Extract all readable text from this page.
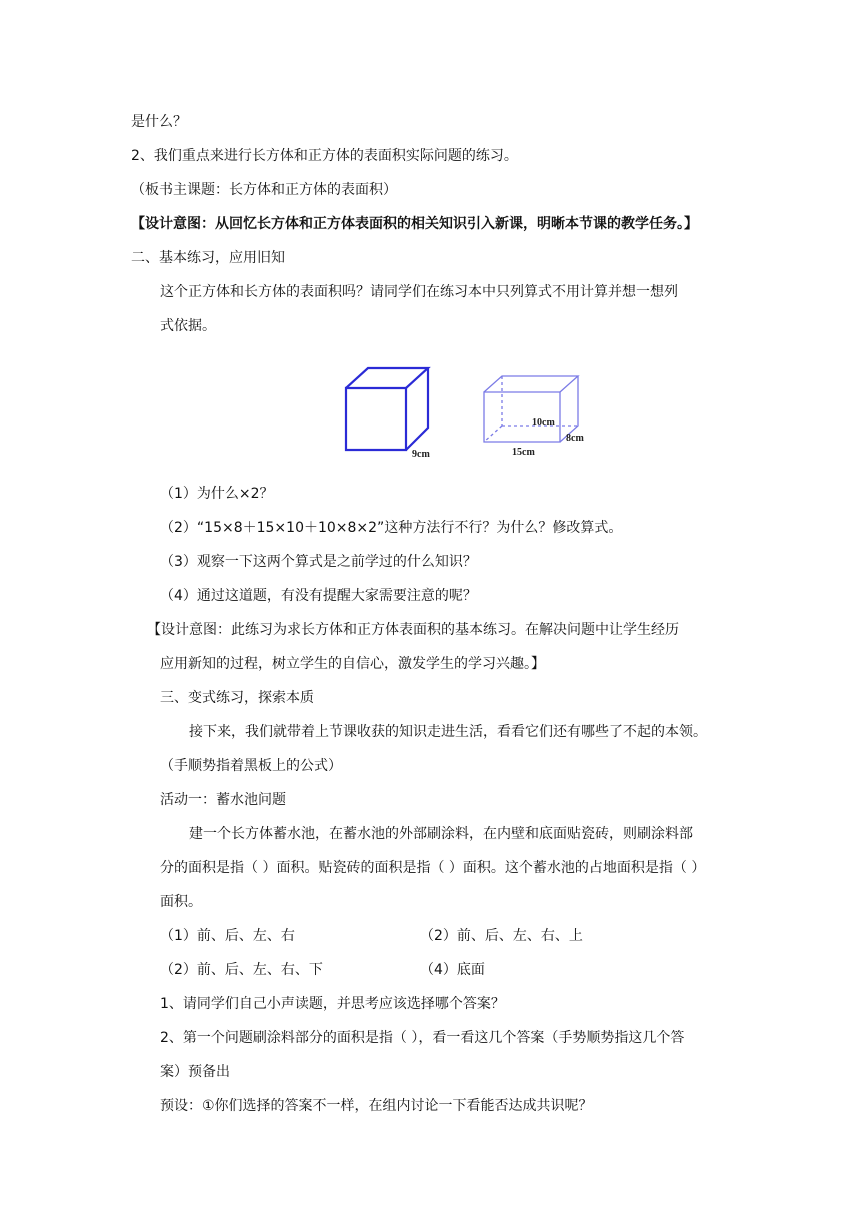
是什么？
2、我们重点来进行长方体和正方体的表面积实际问题的练习。
（板书主课题：长方体和正方体的表面积）
【设计意图：从回忆长方体和正方体表面积的相关知识引入新课，明晰本节课的教学任务。】
二、基本练习，应用旧知
这个正方体和长方体的表面积吗？请同学们在练习本中只列算式不用计算并想一想列
式依据。
9cm
10cm
15cm
8cm
（1）为什么×2？
（2）“15×8＋15×10＋10×8×2”这种方法行不行？为什么？修改算式。
（3）观察一下这两个算式是之前学过的什么知识？
（4）通过这道题，有没有提醒大家需要注意的呢？
【设计意图：此练习为求长方体和正方体表面积的基本练习。在解决问题中让学生经历
应用新知的过程，树立学生的自信心，激发学生的学习兴趣。】
三、变式练习，探索本质
接下来，我们就带着上节课收获的知识走进生活，看看它们还有哪些了不起的本领。
（手顺势指着黑板上的公式）
活动一：蓄水池问题
建一个长方体蓄水池，在蓄水池的外部刷涂料，在内壁和底面贴瓷砖，则刷涂料部
分的面积是指（ ）面积。贴瓷砖的面积是指（ ）面积。这个蓄水池的占地面积是指（ ）
面积。
（1）前、后、左、右	（2）前、后、左、右、上
（2）前、后、左、右、下	（4）底面
1、请同学们自己小声读题，并思考应该选择哪个答案？
2、第一个问题刷涂料部分的面积是指（ ），看一看这几个答案（手势顺势指这几个答
案）预备出
预设：①你们选择的答案不一样，在组内讨论一下看能否达成共识呢？
